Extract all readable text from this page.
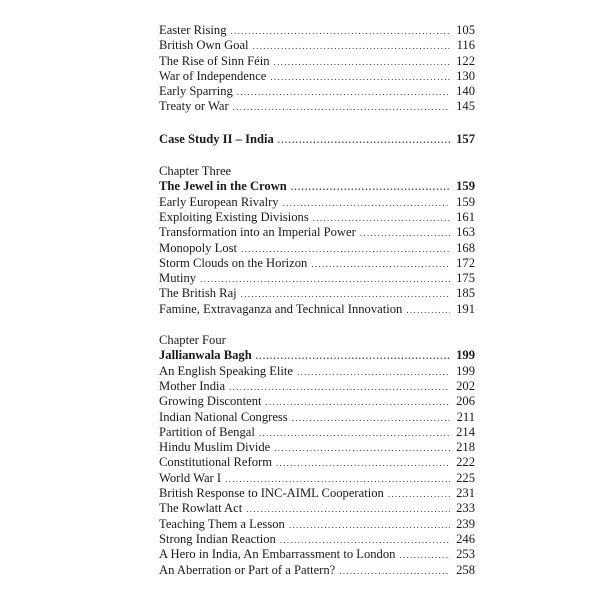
Easter Rising .....	105
British Own Goal .....	116
The Rise of Sinn Féin .....	122
War of Independence .....	130
Early Sparring .....	140
Treaty or War .....	145
Case Study II – India .....	157
Chapter Three
The Jewel in the Crown .....	159
Early European Rivalry .....	159
Exploiting Existing Divisions .....	161
Transformation into an Imperial Power .....	163
Monopoly Lost .....	168
Storm Clouds on the Horizon .....	172
Mutiny .....	175
The British Raj .....	185
Famine, Extravaganza and Technical Innovation .....	191
Chapter Four
Jallianwala Bagh .....	199
An English Speaking Elite .....	199
Mother India .....	202
Growing Discontent .....	206
Indian National Congress .....	211
Partition of Bengal .....	214
Hindu Muslim Divide .....	218
Constitutional Reform .....	222
World War I .....	225
British Response to INC-AIML Cooperation .....	231
The Rowlatt Act .....	233
Teaching Them a Lesson .....	239
Strong Indian Reaction .....	246
A Hero in India, An Embarrassment to London .....	253
An Aberration or Part of a Pattern? .....	258
